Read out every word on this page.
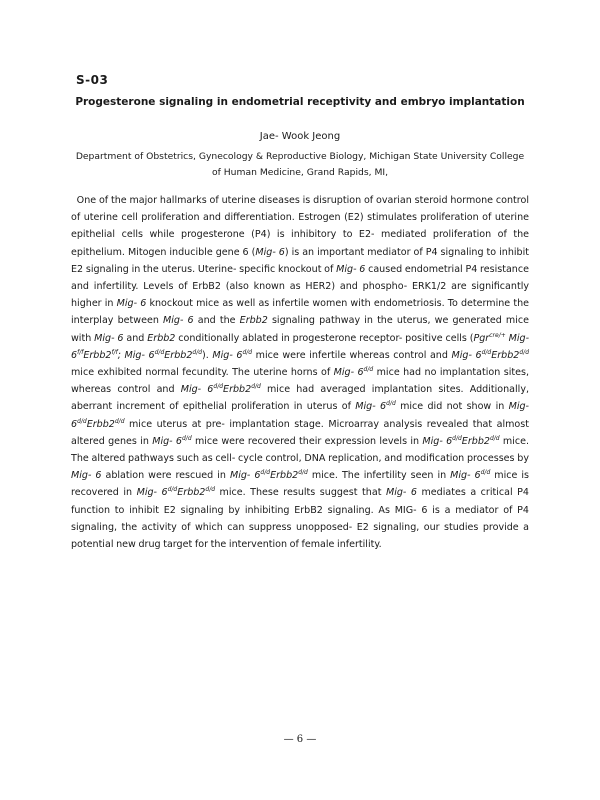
S-03
Progesterone signaling in endometrial receptivity and embryo implantation
Jae- Wook Jeong
Department of Obstetrics, Gynecology & Reproductive Biology, Michigan State University College
of Human Medicine, Grand Rapids, MI,
One of the major hallmarks of uterine diseases is disruption of ovarian steroid hormone control of uterine cell proliferation and differentiation. Estrogen (E2) stimulates proliferation of uterine epithelial cells while progesterone (P4) is inhibitory to E2- mediated proliferation of the epithelium. Mitogen inducible gene 6 (Mig- 6) is an important mediator of P4 signaling to inhibit E2 signaling in the uterus. Uterine- specific knockout of Mig- 6 caused endometrial P4 resistance and infertility. Levels of ErbB2 (also known as HER2) and phospho- ERK1/2 are significantly higher in Mig- 6 knockout mice as well as infertile women with endometriosis. To determine the interplay between Mig- 6 and the Erbb2 signaling pathway in the uterus, we generated mice with Mig- 6 and Erbb2 conditionally ablated in progesterone receptor- positive cells (Pgr$^{cre/+}$ Mig- $6^{f/f}Erbb2^{f/f}$; Mig- $6^{d/d}Erbb2^{d/d}$). Mig- $6^{d/d}$ mice were infertile whereas control and Mig- $6^{d/d}Erbb2^{d/d}$ mice exhibited normal fecundity. The uterine horns of Mig- $6^{d/d}$ mice had no implantation sites, whereas control and Mig- $6^{d/d}Erbb2^{d/d}$ mice had averaged implantation sites. Additionally, aberrant increment of epithelial proliferation in uterus of Mig- $6^{d/d}$ mice did not show in Mig- $6^{d/d}Erbb2^{d/d}$ mice uterus at pre- implantation stage. Microarray analysis revealed that almost altered genes in Mig- $6^{d/d}$ mice were recovered their expression levels in Mig- $6^{d/d}Erbb2^{d/d}$ mice. The altered pathways such as cell- cycle control, DNA replication, and modification processes by Mig- 6 ablation were rescued in Mig- $6^{d/d}Erbb2^{d/d}$ mice. The infertility seen in Mig- $6^{d/d}$ mice is recovered in Mig- $6^{d/d}Erbb2^{d/d}$ mice. These results suggest that Mig- 6 mediates a critical P4 function to inhibit E2 signaling by inhibiting ErbB2 signaling. As MIG- 6 is a mediator of P4 signaling, the activity of which can suppress unopposed- E2 signaling, our studies provide a potential new drug target for the intervention of female infertility.
— 6 —
